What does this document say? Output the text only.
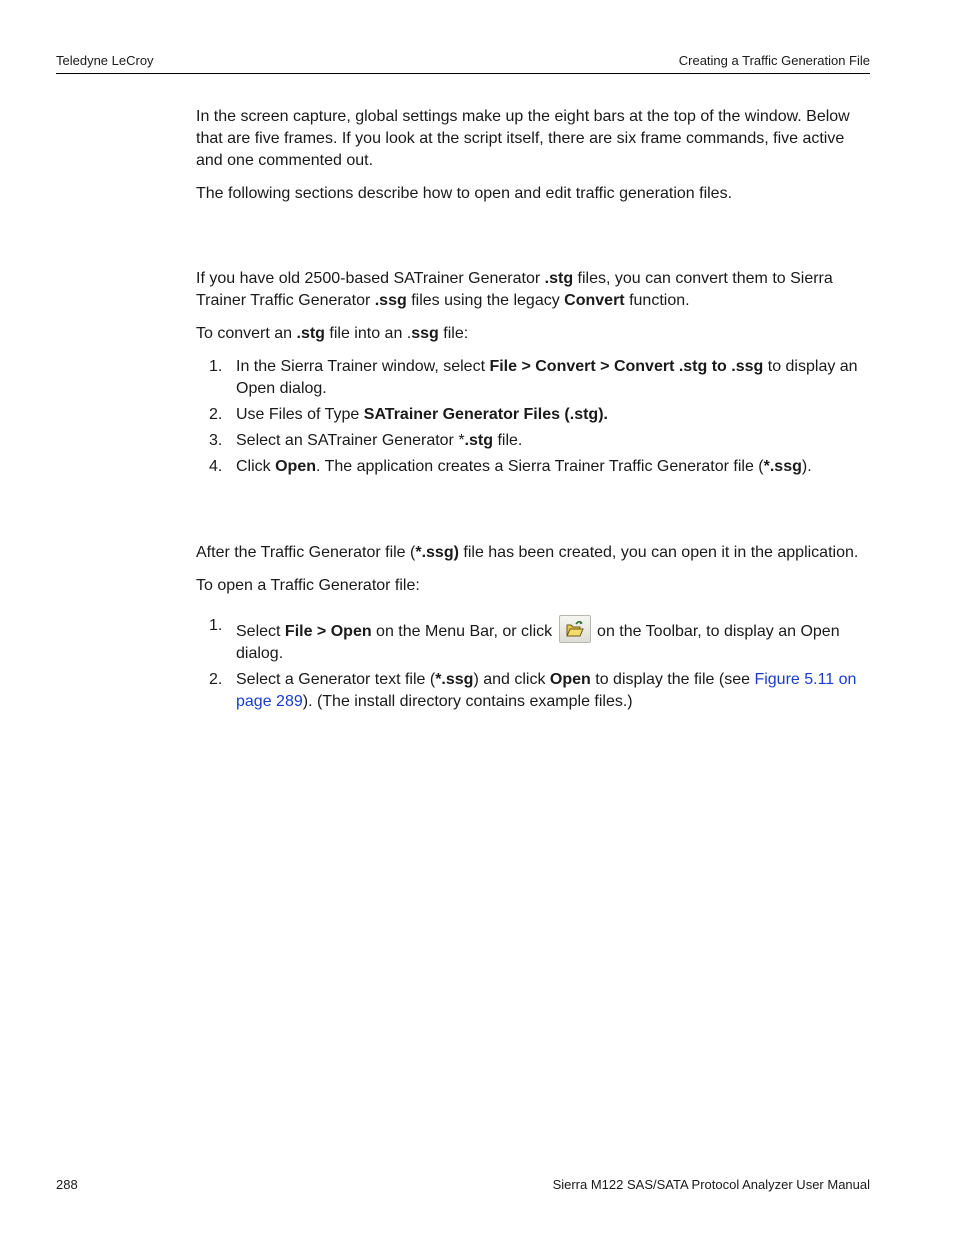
Teledyne LeCroy	Creating a Traffic Generation File

In the screen capture, global settings make up the eight bars at the top of the window. Below that are five frames. If you look at the script itself, there are six frame commands, five active and one commented out.

The following sections describe how to open and edit traffic generation files.

If you have old 2500-based SATrainer Generator .stg files, you can convert them to Sierra Trainer Traffic Generator .ssg files using the legacy Convert function.

To convert an .stg file into an .ssg file:

1. In the Sierra Trainer window, select File > Convert > Convert .stg to .ssg to display an Open dialog.
2. Use Files of Type SATrainer Generator Files (.stg).
3. Select an SATrainer Generator *.stg file.
4. Click Open. The application creates a Sierra Trainer Traffic Generator file (*.ssg).

After the Traffic Generator file (*.ssg) file has been created, you can open it in the application.

To open a Traffic Generator file:

1. Select File > Open on the Menu Bar, or click
on the Toolbar, to display an Open dialog.
2. Select a Generator text file (*.ssg) and click Open to display the file (see Figure 5.11 on page 289). (The install directory contains example files.)
288	Sierra M122 SAS/SATA Protocol Analyzer User Manual
